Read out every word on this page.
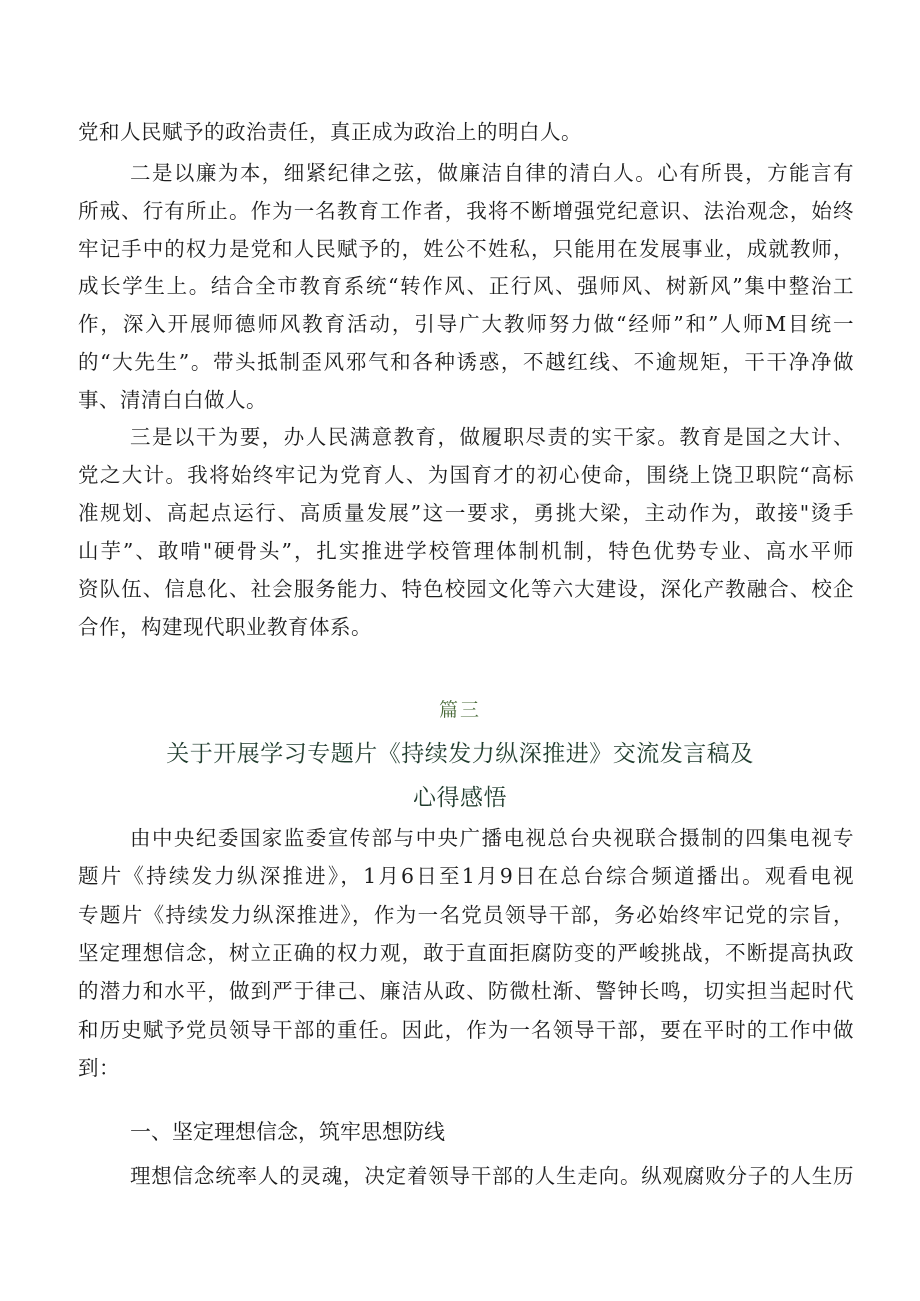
党和人民赋予的政治责任，真正成为政治上的明白人。
二是以廉为本，细紧纪律之弦，做廉洁自律的清白人。心有所畏，方能言有
所戒、行有所止。作为一名教育工作者，我将不断增强党纪意识、法治观念，始终
牢记手中的权力是党和人民赋予的，姓公不姓私，只能用在发展事业，成就教师，
成长学生上。结合全市教育系统“转作风、正行风、强师风、树新风”集中整治工
作，深入开展师德师风教育活动，引导广大教师努力做“经师”和”人师M目统一
的“大先生”。带头抵制歪风邪气和各种诱惑，不越红线、不逾规矩，干干净净做
事、清清白白做人。
三是以干为要，办人民满意教育，做履职尽责的实干家。教育是国之大计、
党之大计。我将始终牢记为党育人、为国育才的初心使命，围绕上饶卫职院“高标
准规划、高起点运行、高质量发展”这一要求，勇挑大梁，主动作为，敢接"烫手
山芋”、敢啃"硬骨头”，扎实推进学校管理体制机制，特色优势专业、高水平师
资队伍、信息化、社会服务能力、特色校园文化等六大建设，深化产教融合、校企
合作，构建现代职业教育体系。
篇三
关于开展学习专题片《持续发力纵深推进》交流发言稿及
心得感悟
由中央纪委国家监委宣传部与中央广播电视总台央视联合摄制的四集电视专
题片《持续发力纵深推进》，1月6日至1月9日在总台综合频道播出。观看电视
专题片《持续发力纵深推进》，作为一名党员领导干部，务必始终牢记党的宗旨，
坚定理想信念，树立正确的权力观，敢于直面拒腐防变的严峻挑战，不断提高执政
的潜力和水平，做到严于律己、廉洁从政、防微杜渐、警钟长鸣，切实担当起时代
和历史赋予党员领导干部的重任。因此，作为一名领导干部，要在平时的工作中做
到：
一、坚定理想信念，筑牢思想防线
理想信念统率人的灵魂，决定着领导干部的人生走向。纵观腐败分子的人生历
